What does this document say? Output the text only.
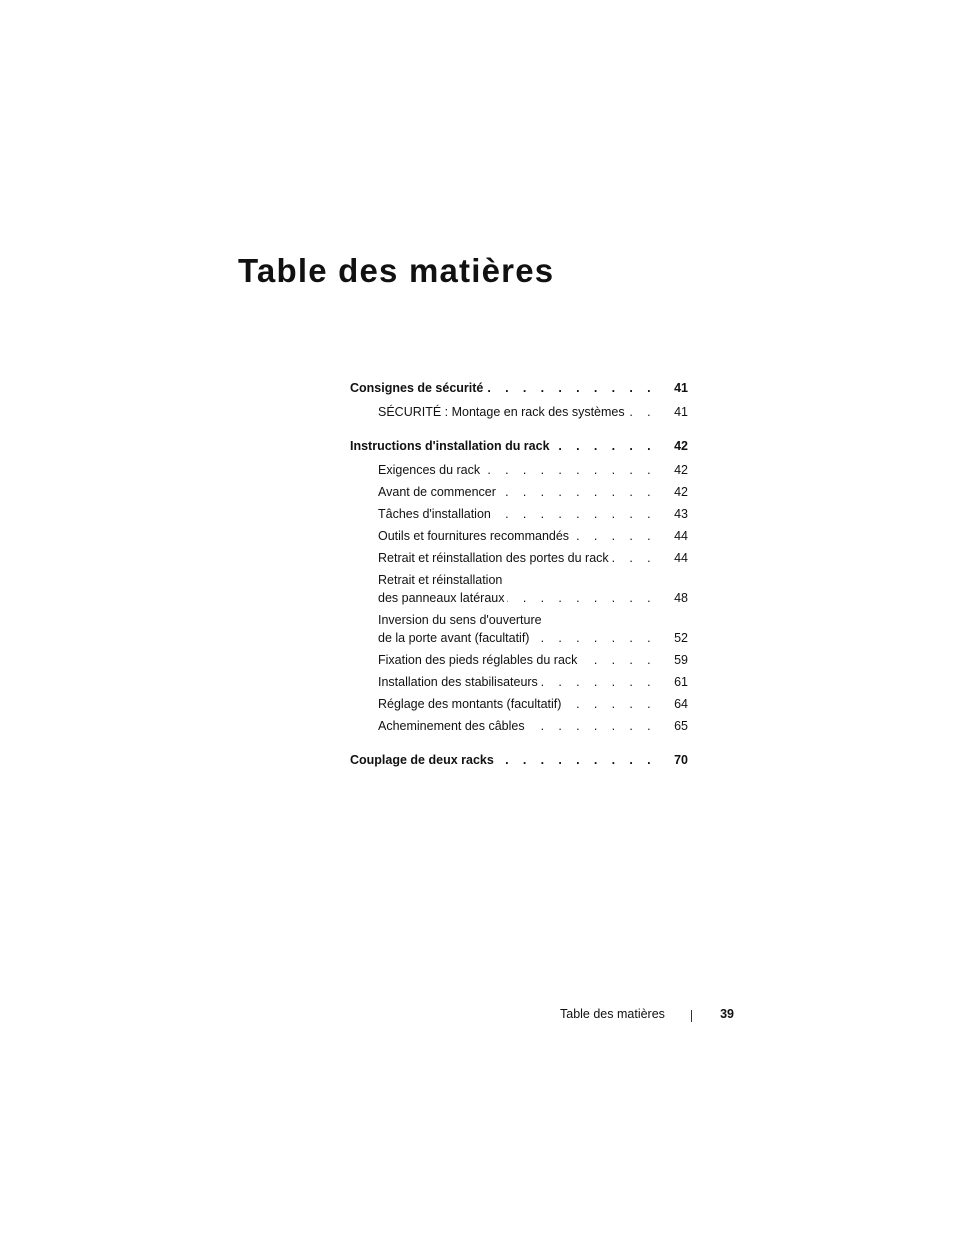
Table des matières
Consignes de sécurité . . .	41
SÉCURITÉ : Montage en rack des systèmes . . .	41
Instructions d'installation du rack . . .	42
Exigences du rack . . .	42
Avant de commencer . . .	42
Tâches d'installation . . .	43
Outils et fournitures recommandés . . .	44
Retrait et réinstallation des portes du rack . . .	44
Retrait et réinstallation
des panneaux latéraux . . .	48
Inversion du sens d'ouverture
de la porte avant (facultatif) . . .	52
Fixation des pieds réglables du rack . . .	59
Installation des stabilisateurs . . .	61
Réglage des montants (facultatif) . . .	64
Acheminement des câbles . . .	65
Couplage de deux racks . . .	70
Table des matières	39
